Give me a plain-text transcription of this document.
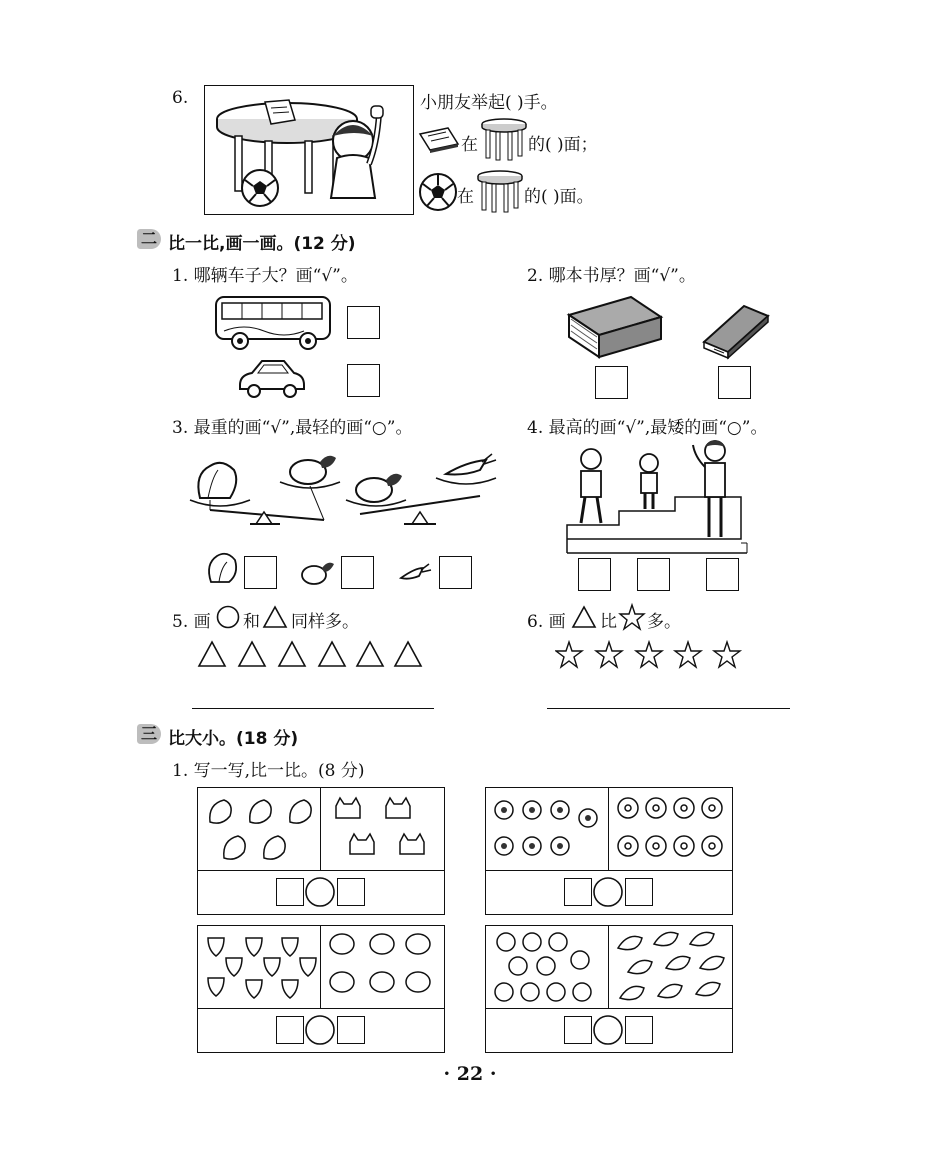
6.	小朋友举起( )手。
在	的( )面；
在	的( )面。
二 比一比,画一画。(12 分)
1. 哪辆车子大？画“√”。	2. 哪本书厚？画“√”。
3. 最重的画“√”,最轻的画“○”。	4. 最高的画“√”,最矮的画“○”。
5. 画 和 同样多。	6. 画 比 多。
三 比大小。(18 分)
1. 写一写,比一比。(8 分)
· 22 ·
